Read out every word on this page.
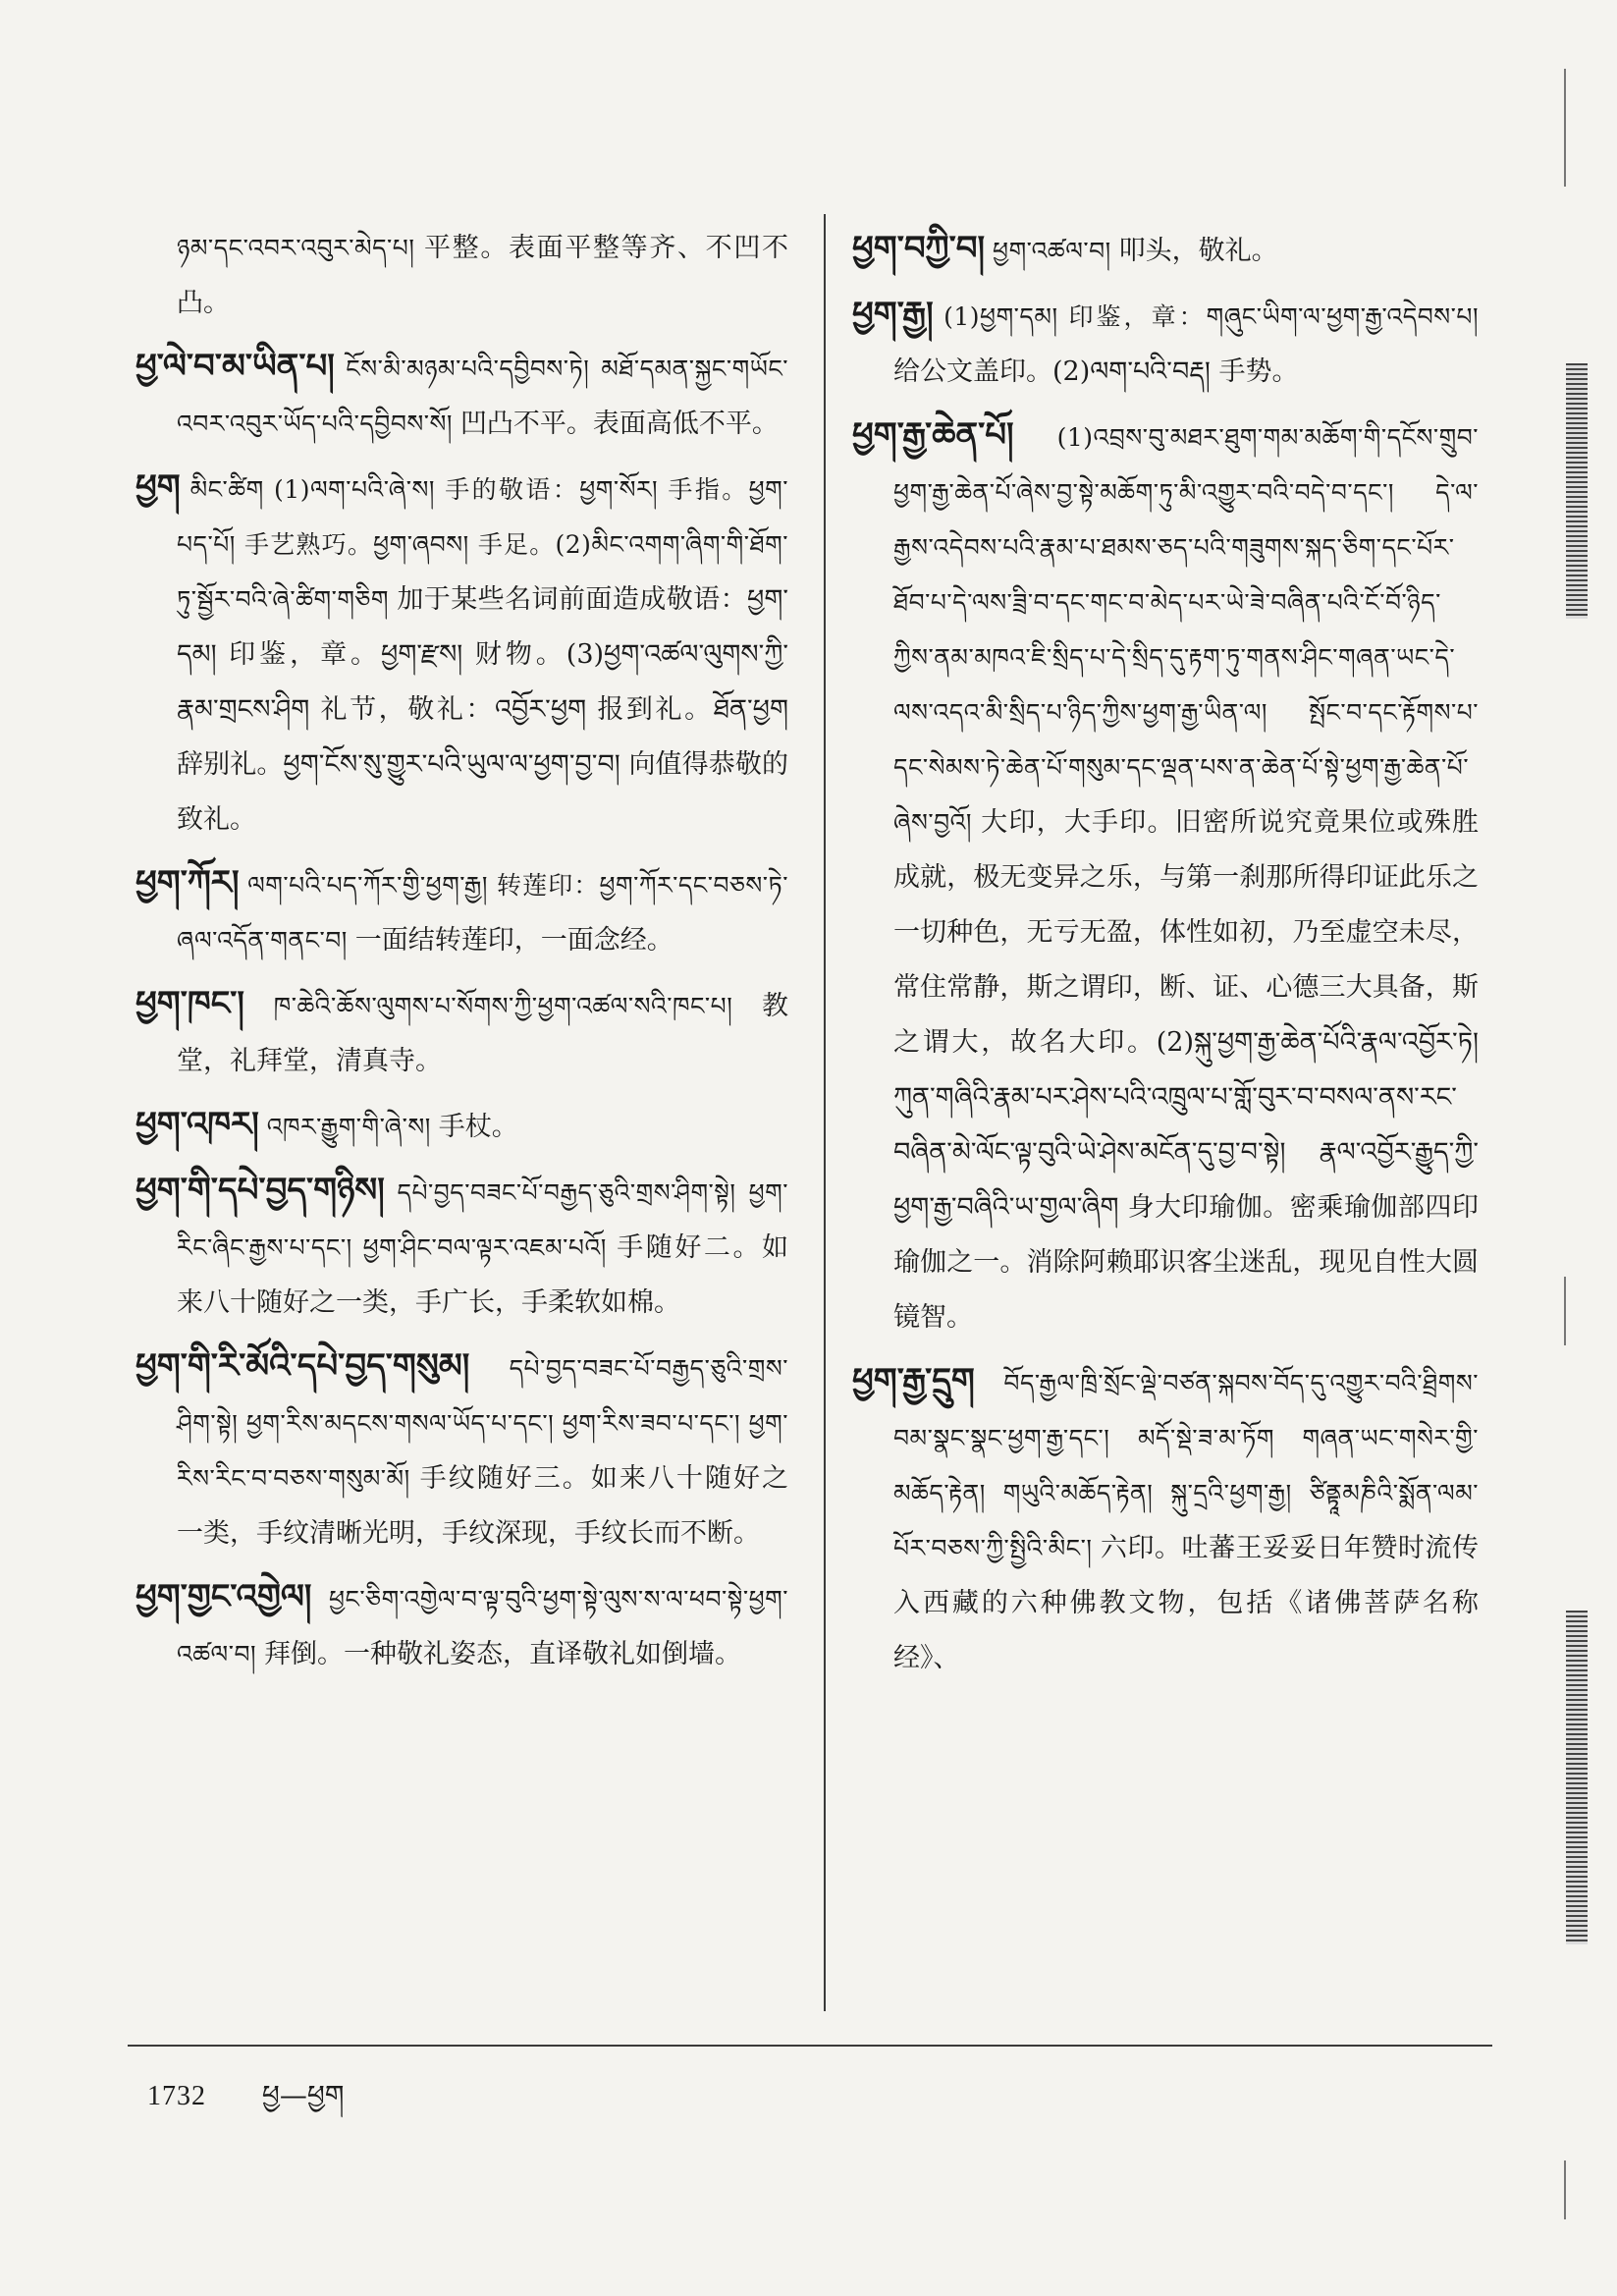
ཉམ་དང་འབར་འབུར་མེད་པ། 平整。表面平整等齐、不凹不凸。
ཕྱ་ལེ་བ་མ་ཡིན་པ། ངོས་མི་མཉམ་པའི་དབྱིབས་ཏེ། མཐོ་དམན་སྐྱང་གཡོང་འབར་འབུར་ཡོད་པའི་དབྱིབས་སོ། 凹凸不平。表面高低不平。
ཕྱག མིང་ཚིག (1)ལག་པའི་ཞེ་ས། 手的敬语：ཕྱག་སོར། 手指。ཕྱག་པད་པོ། 手艺熟巧。ཕྱག་ཞབས། 手足。(2)མིང་འགག་ཞིག་གི་ཐོག་ཏུ་སྦྱོར་བའི་ཞེ་ཚིག་གཅིག 加于某些名词前面造成敬语：ཕྱག་དམ། 印鉴，章。ཕྱག་རྫས། 财物。(3)ཕྱག་འཚལ་ལུགས་ཀྱི་རྣམ་གྲངས་ཤིག 礼节，敬礼：འབྱོར་ཕྱག 报到礼。ཐོན་ཕྱག 辞别礼。ཕྱག་ངོས་སུ་གྱུར་པའི་ཡུལ་ལ་ཕྱག་བྱ་བ། 向值得恭敬的致礼。
ཕྱག་ཀོར། ལག་པའི་པད་ཀོར་གྱི་ཕྱག་རྒྱ། 转莲印：ཕྱག་ཀོར་དང་བཅས་ཏེ་ཞལ་འདོན་གནང་བ། 一面结转莲印，一面念经。
ཕྱག་ཁང་། ཁ་ཆེའི་ཆོས་ལུགས་པ་སོགས་ཀྱི་ཕྱག་འཚལ་སའི་ཁང་པ། 教堂，礼拜堂，清真寺。
ཕྱག་འཁར། འཁར་རྒྱུག་གི་ཞེ་ས། 手杖。
ཕྱག་གི་དཔེ་བྱད་གཉིས། དཔེ་བྱད་བཟང་པོ་བརྒྱད་ཅུའི་གྲས་ཤིག་སྟེ། ཕྱག་རིང་ཞིང་རྒྱས་པ་དང་། ཕྱག་ཤིང་བལ་ལྟར་འཇམ་པའོ། 手随好二。如来八十随好之一类，手广长，手柔软如棉。
ཕྱག་གི་རི་མོའི་དཔེ་བྱད་གསུམ། དཔེ་བྱད་བཟང་པོ་བརྒྱད་ཅུའི་གྲས་ཤིག་སྟེ། ཕྱག་རིས་མདངས་གསལ་ཡོད་པ་དང་། ཕྱག་རིས་ཟབ་པ་དང་། ཕྱག་རིས་རིང་བ་བཅས་གསུམ་མོ། 手纹随好三。如来八十随好之一类，手纹清晰光明，手纹深现，手纹长而不断。
ཕྱག་གྱང་འགྱེལ། ཕྱང་ཅིག་འགྱེལ་བ་ལྟ་བུའི་ཕྱག་སྟེ་ལུས་ས་ལ་ཕབ་སྟེ་ཕྱག་འཚལ་བ། 拜倒。一种敬礼姿态，直译敬礼如倒墙。
ཕྱག་བཀྱི་བ། ཕྱག་འཚལ་བ། 叩头，敬礼。
ཕྱག་རྒྱ། (1)ཕྱག་དམ། 印鉴，章：གཞུང་ཡིག་ལ་ཕྱག་རྒྱ་འདེབས་པ། 给公文盖印。(2)ལག་པའི་བརྡ། 手势。
ཕྱག་རྒྱ་ཆེན་པོ། (1)འབྲས་བུ་མཐར་ཐུག་གམ་མཆོག་གི་དངོས་གྲུབ་ཕྱག་རྒྱ་ཆེན་པོ་ཞེས་བྱ་སྟེ་མཆོག་ཏུ་མི་འགྱུར་བའི་བདེ་བ་དང་། དེ་ལ་རྒྱས་འདེབས་པའི་རྣམ་པ་ཐམས་ཅད་པའི་གཟུགས་སྐད་ཅིག་དང་པོར་ཐོབ་པ་དེ་ལས་ཟྲི་བ་དང་གང་བ་མེད་པར་ཡེ་ཟེ་བཞིན་པའི་ངོ་བོ་ཉིད་ཀྱིས་ནམ་མཁའ་ཇི་སྲིད་པ་དེ་སྲིད་དུ་རྟག་ཏུ་གནས་ཤིང་གཞན་ཡང་དེ་ལས་འདའ་མི་སྲིད་པ་ཉིད་ཀྱིས་ཕྱག་རྒྱ་ཡིན་ལ། སྤོང་བ་དང་རྟོགས་པ་དང་སེམས་ཏེ་ཆེན་པོ་གསུམ་དང་ལྡན་པས་ན་ཆེན་པོ་སྟེ་ཕྱག་རྒྱ་ཆེན་པོ་ཞེས་བྱའོ། 大印，大手印。旧密所说究竟果位或殊胜成就，极无变异之乐，与第一刹那所得印证此乐之一切种色，无亏无盈，体性如初，乃至虚空未尽，常住常静，斯之谓印，断、证、心德三大具备，斯之谓大，故名大印。(2)སྐུ་ཕྱག་རྒྱ་ཆེན་པོའི་རྣལ་འབྱོར་ཏེ། ཀུན་གཞིའི་རྣམ་པར་ཤེས་པའི་འཁྲུལ་པ་གློ་བུར་བ་བསལ་ནས་རང་བཞིན་མེ་ལོང་ལྟ་བུའི་ཡེ་ཤེས་མངོན་དུ་བྱ་བ་སྟེ། རྣལ་འབྱོར་རྒྱུད་ཀྱི་ཕྱག་རྒྱ་བཞིའི་ཡ་གྱལ་ཞིག 身大印瑜伽。密乘瑜伽部四印瑜伽之一。消除阿赖耶识客尘迷乱，现见自性大圆镜智。
ཕྱག་རྒྱ་དྲུག བོད་རྒྱལ་ཁྲི་སྲོང་ལྡེ་བཙན་སྐབས་བོད་དུ་འགྱུར་བའི་ཐྲིགས་བམ་སྣང་སྣང་ཕྱག་རྒྱ་དང་། མདོ་སྡེ་ཟ་མ་ཏོག གཞན་ཡང་གསེར་གྱི་མཆོད་རྟེན། གཡུའི་མཆོད་རྟེན། སྐུ་དྲའི་ཕྱག་རྒྱ། ཙིནྟཱམཎིའི་སྨོན་ལམ་པོར་བཅས་ཀྱི་སྤྱིའི་མིང་། 六印。吐蕃王妥妥日年赞时流传入西藏的六种佛教文物，包括《诸佛菩萨名称经》、
1732 ཕྱ—ཕྱག
